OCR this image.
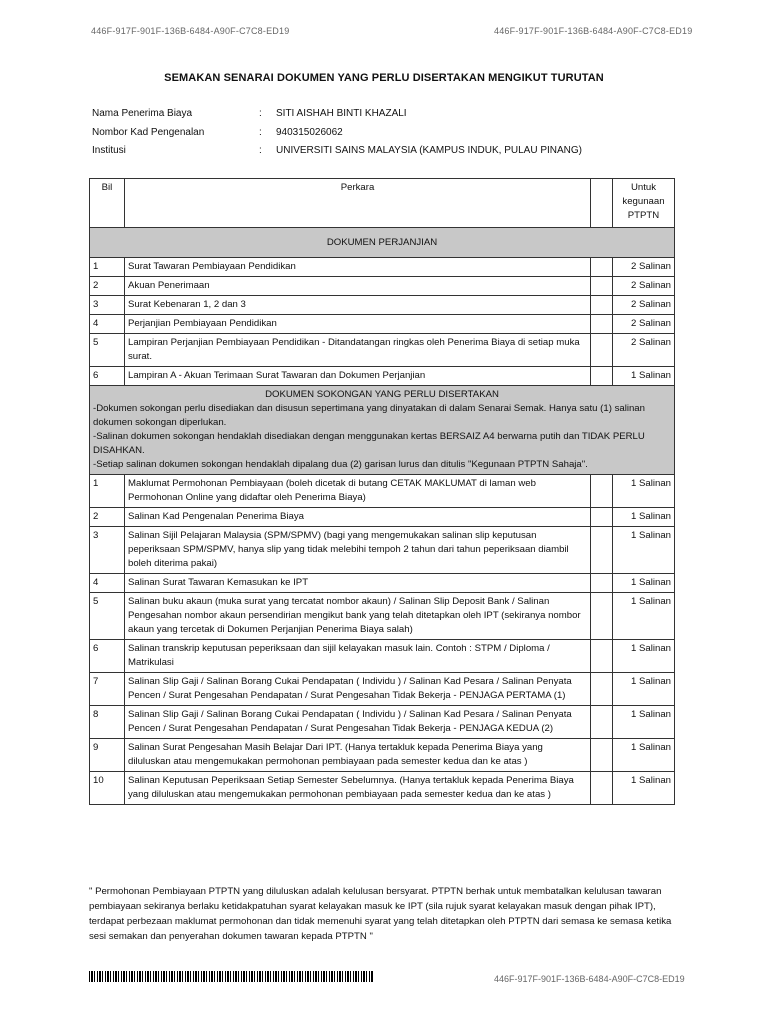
446F-917F-901F-136B-6484-A90F-C7C8-ED19	446F-917F-901F-136B-6484-A90F-C7C8-ED19
SEMAKAN SENARAI DOKUMEN YANG PERLU DISERTAKAN MENGIKUT TURUTAN
Nama Penerima Biaya	: SITI AISHAH BINTI KHAZALI
Nombor Kad Pengenalan	: 940315026062
Institusi	: UNIVERSITI SAINS MALAYSIA (KAMPUS INDUK, PULAU PINANG)
Bil	Perkara		Untuk kegunaan PTPTN
DOKUMEN PERJANJIAN			
1	Surat Tawaran Pembiayaan Pendidikan		2 Salinan
2	Akuan Penerimaan		2 Salinan
3	Surat Kebenaran 1, 2 dan 3		2 Salinan
4	Perjanjian Pembiayaan Pendidikan		2 Salinan
5	Lampiran Perjanjian Pembiayaan Pendidikan - Ditandatangan ringkas oleh Penerima Biaya di setiap muka surat.		2 Salinan
6	Lampiran A - Akuan Terimaan Surat Tawaran dan Dokumen Perjanjian		1 Salinan

DOKUMEN SOKONGAN YANG PERLU DISERTAKAN
-Dokumen sokongan perlu disediakan dan disusun sepertimana yang dinyatakan di dalam Senarai Semak. Hanya satu (1) salinan dokumen sokongan diperlukan.
-Salinan dokumen sokongan hendaklah disediakan dengan menggunakan kertas BERSAIZ A4 berwarna putih dan TIDAK PERLU DISAHKAN.
-Setiap salinan dokumen sokongan hendaklah dipalang dua (2) garisan lurus dan ditulis "Kegunaan PTPTN Sahaja".			

1	Maklumat Permohonan Pembiayaan (boleh dicetak di butang CETAK MAKLUMAT di laman web Permohonan Online yang didaftar oleh Penerima Biaya)		1 Salinan
2	Salinan Kad Pengenalan Penerima Biaya		1 Salinan
3	Salinan Sijil Pelajaran Malaysia (SPM/SPMV) (bagi yang mengemukakan salinan slip keputusan peperiksaan SPM/SPMV, hanya slip yang tidak melebihi tempoh 2 tahun dari tahun peperiksaan diambil boleh diterima pakai)		1 Salinan
4	Salinan Surat Tawaran Kemasukan ke IPT		1 Salinan
5	Salinan buku akaun (muka surat yang tercatat nombor akaun) / Salinan Slip Deposit Bank / Salinan Pengesahan nombor akaun persendirian mengikut bank yang telah ditetapkan oleh IPT (sekiranya nombor akaun yang tercetak di Dokumen Perjanjian Penerima Biaya salah)		1 Salinan
6	Salinan transkrip keputusan peperiksaan dan sijil kelayakan masuk lain. Contoh : STPM / Diploma / Matrikulasi		1 Salinan
7	Salinan Slip Gaji / Salinan Borang Cukai Pendapatan ( Individu ) / Salinan Kad Pesara / Salinan Penyata Pencen / Surat Pengesahan Pendapatan / Surat Pengesahan Tidak Bekerja - PENJAGA PERTAMA (1)		1 Salinan
8	Salinan Slip Gaji / Salinan Borang Cukai Pendapatan ( Individu ) / Salinan Kad Pesara / Salinan Penyata Pencen / Surat Pengesahan Pendapatan / Surat Pengesahan Tidak Bekerja - PENJAGA KEDUA (2)		1 Salinan
9	Salinan Surat Pengesahan Masih Belajar Dari IPT. (Hanya tertakluk kepada Penerima Biaya yang diluluskan atau mengemukakan permohonan pembiayaan pada semester kedua dan ke atas )		1 Salinan
10	Salinan Keputusan Peperiksaan Setiap Semester Sebelumnya. (Hanya tertakluk kepada Penerima Biaya yang diluluskan atau mengemukakan permohonan pembiayaan pada semester kedua dan ke atas )		1 Salinan
" Permohonan Pembiayaan PTPTN yang diluluskan adalah kelulusan bersyarat. PTPTN berhak untuk membatalkan kelulusan tawaran pembiayaan sekiranya berlaku ketidakpatuhan syarat kelayakan masuk ke IPT (sila rujuk syarat kelayakan masuk dengan pihak IPT), terdapat perbezaan maklumat permohonan dan tidak memenuhi syarat yang telah ditetapkan oleh PTPTN dari semasa ke semasa ketika sesi semakan dan penyerahan dokumen tawaran kepada PTPTN "
446F-917F-901F-136B-6484-A90F-C7C8-ED19
